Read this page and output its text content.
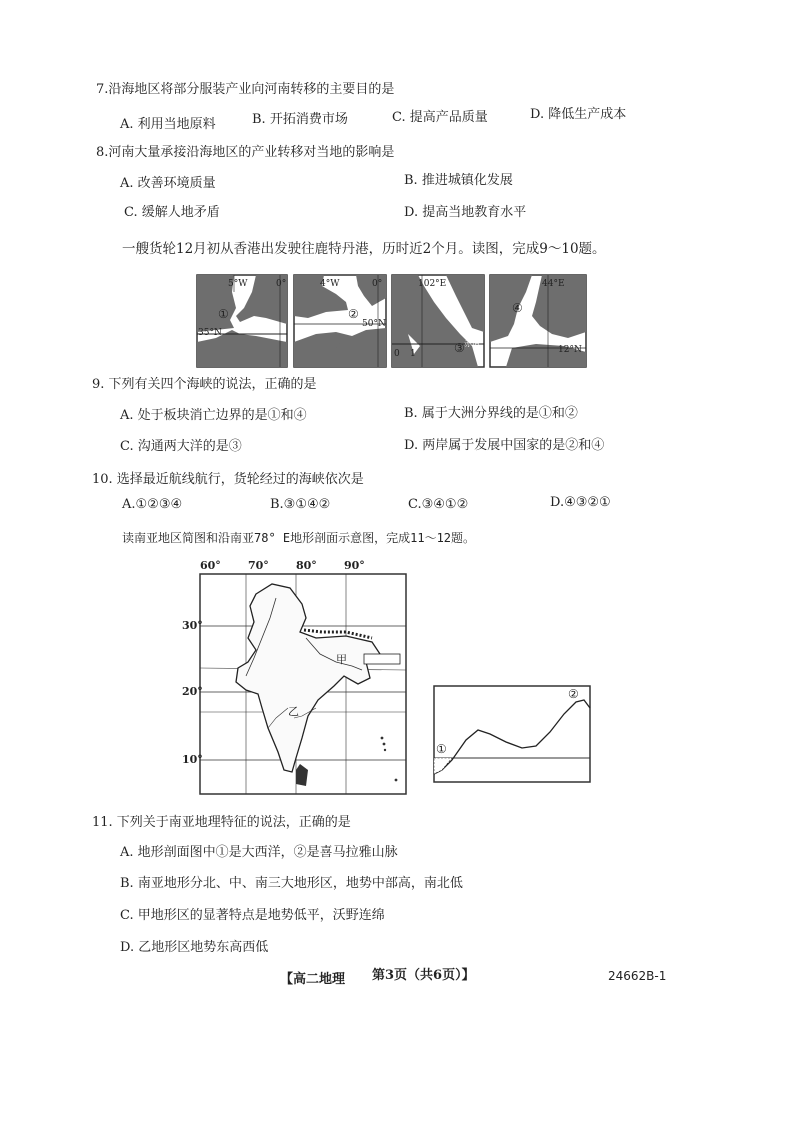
7.沿海地区将部分服装产业向河南转移的主要目的是
A. 利用当地原料	B. 开拓消费市场	C. 提高产品质量	D. 降低生产成本
8.河南大量承接沿海地区的产业转移对当地的影响是
A. 改善环境质量	B. 推进城镇化发展
C. 缓解人地矛盾	D. 提高当地教育水平
一艘货轮12月初从香港出发驶往鹿特丹港，历时近2个月。读图，完成9～10题。
①
5°W	0°
35°N
②
4°W	0°
50°N
③
102°E
0 1
赤道
④
44°E
12°N
9. 下列有关四个海峡的说法，正确的是
A. 处于板块消亡边界的是①和④	B. 属于大洲分界线的是①和②
C. 沟通两大洋的是③	D. 两岸属于发展中国家的是②和④
10. 选择最近航线航行，货轮经过的海峡依次是
A.①②③④	B.③①④②	C.③④①②	D.④③②①
读南亚地区简图和沿南亚78° E地形剖面示意图，完成11～12题。
60° 70° 80° 90°
30°
20°
10°
甲
乙
①
②
11. 下列关于南亚地理特征的说法，正确的是
A. 地形剖面图中①是大西洋，②是喜马拉雅山脉
B. 南亚地形分北、中、南三大地形区，地势中部高，南北低
C. 甲地形区的显著特点是地势低平，沃野连绵
D. 乙地形区地势东高西低
【高二地理 第3页（共6页）】	24662B-1
